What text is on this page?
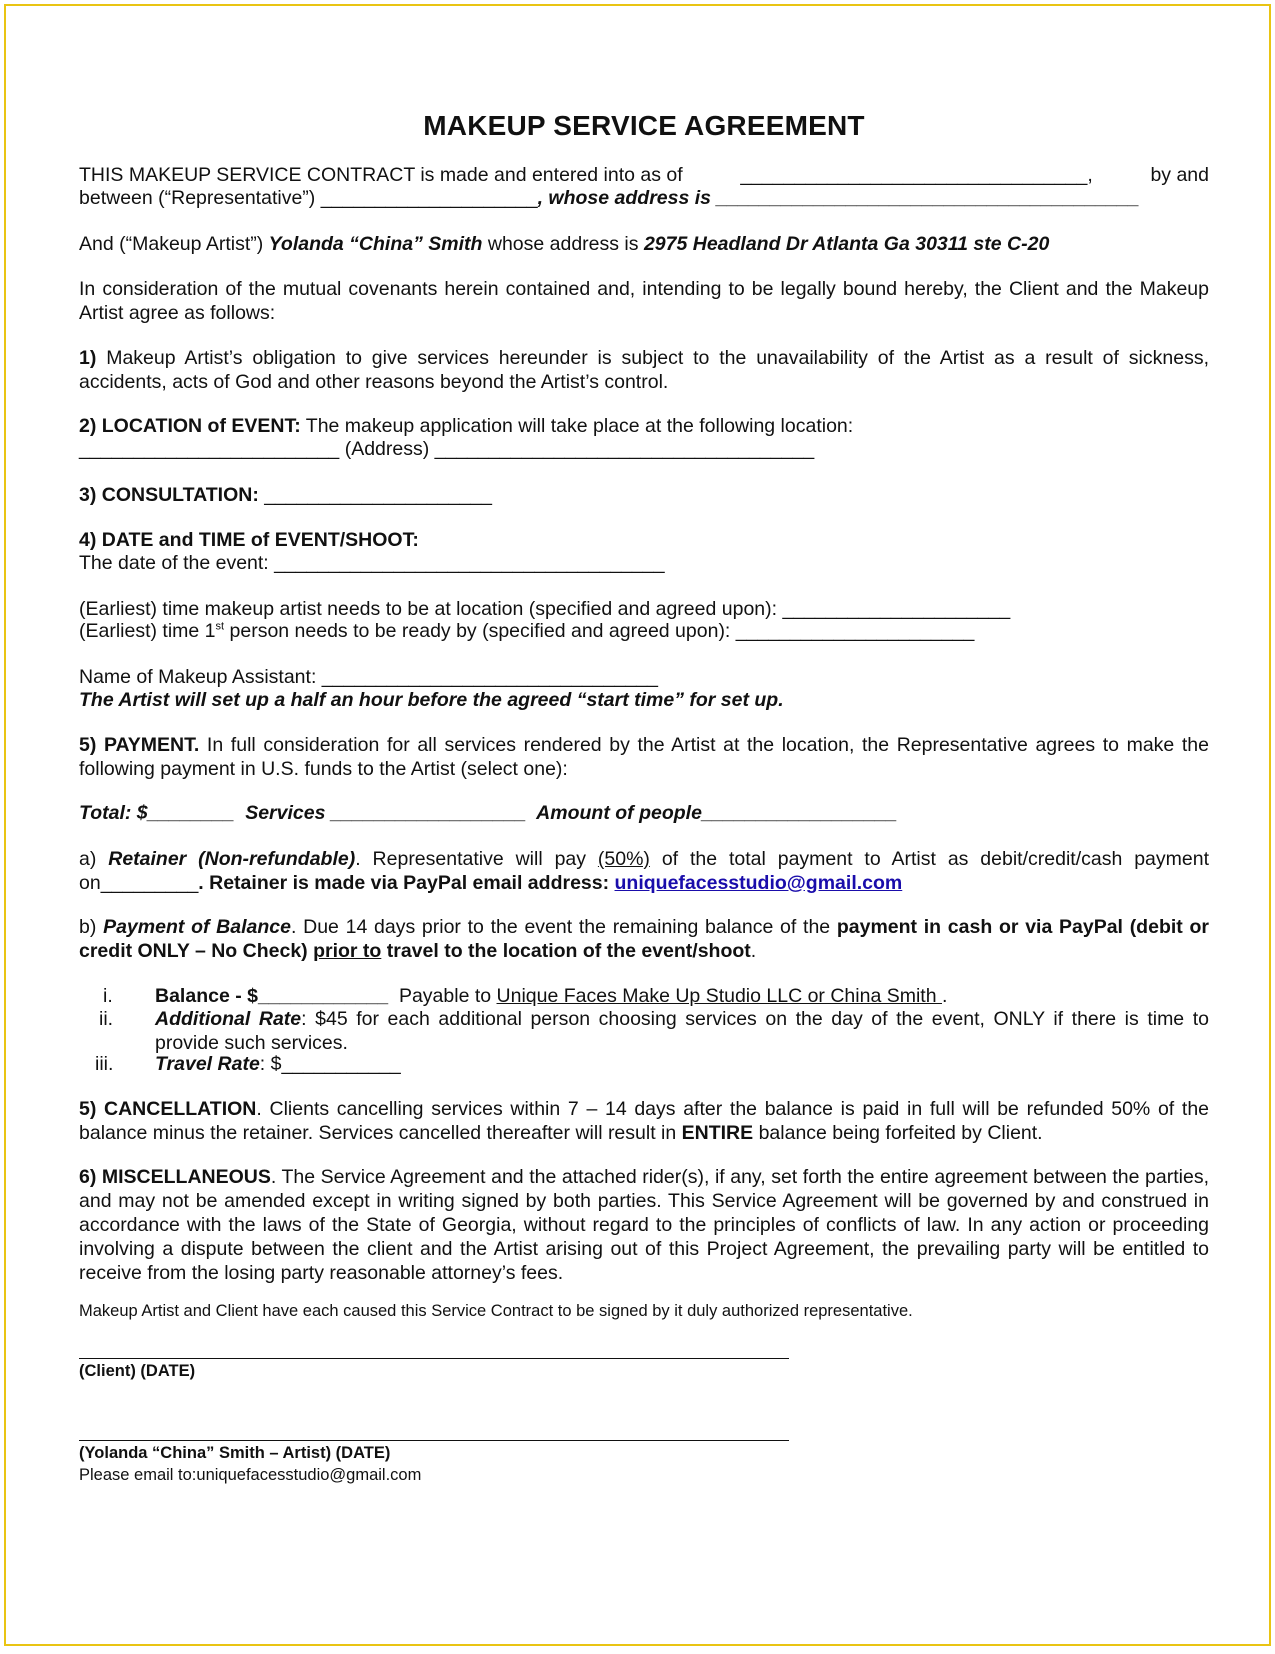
MAKEUP SERVICE AGREEMENT
THIS MAKEUP SERVICE CONTRACT is made and entered into as of	________________________________,	by and
between (“Representative”) ____________________, whose address is _______________________________________
And (“Makeup Artist”) Yolanda “China” Smith whose address is 2975 Headland Dr Atlanta Ga 30311 ste C-20
In consideration of the mutual covenants herein contained and, intending to be legally bound hereby, the Client and the Makeup Artist agree as follows:
1) Makeup Artist’s obligation to give services hereunder is subject to the unavailability of the Artist as a result of sickness, accidents, acts of God and other reasons beyond the Artist’s control.
2) LOCATION of EVENT: The makeup application will take place at the following location:
________________________ (Address) ___________________________________
3) CONSULTATION: _____________________
4) DATE and TIME of EVENT/SHOOT:
The date of the event: ____________________________________
(Earliest) time makeup artist needs to be at location (specified and agreed upon): _____________________
(Earliest) time 1st person needs to be ready by (specified and agreed upon): ______________________
Name of Makeup Assistant: _______________________________
The Artist will set up a half an hour before the agreed “start time” for set up.
5) PAYMENT. In full consideration for all services rendered by the Artist at the location, the Representative agrees to make the following payment in U.S. funds to the Artist (select one):
Total: $________  Services __________________  Amount of people__________________
a) Retainer (Non-refundable). Representative will pay (50%) of the total payment to Artist as debit/credit/cash payment on_________. Retainer is made via PayPal email address: uniquefacesstudio@gmail.com
b) Payment of Balance. Due 14 days prior to the event the remaining balance of the payment in cash or via PayPal (debit or credit ONLY – No Check) prior to travel to the location of the event/shoot.
i.	Balance - $____________  Payable to Unique Faces Make Up Studio LLC or China Smith .
ii.	Additional Rate: $45 for each additional person choosing services on the day of the event, ONLY if there is time to provide such services.
iii.	Travel Rate: $___________
5) CANCELLATION. Clients cancelling services within 7 – 14 days after the balance is paid in full will be refunded 50% of the balance minus the retainer. Services cancelled thereafter will result in ENTIRE balance being forfeited by Client.
6) MISCELLANEOUS. The Service Agreement and the attached rider(s), if any, set forth the entire agreement between the parties, and may not be amended except in writing signed by both parties. This Service Agreement will be governed by and construed in accordance with the laws of the State of Georgia, without regard to the principles of conflicts of law. In any action or proceeding involving a dispute between the client and the Artist arising out of this Project Agreement, the prevailing party will be entitled to receive from the losing party reasonable attorney’s fees.
Makeup Artist and Client have each caused this Service Contract to be signed by it duly authorized representative.
(Client) (DATE)
(Yolanda “China” Smith – Artist) (DATE)
Please email to:uniquefacesstudio@gmail.com
